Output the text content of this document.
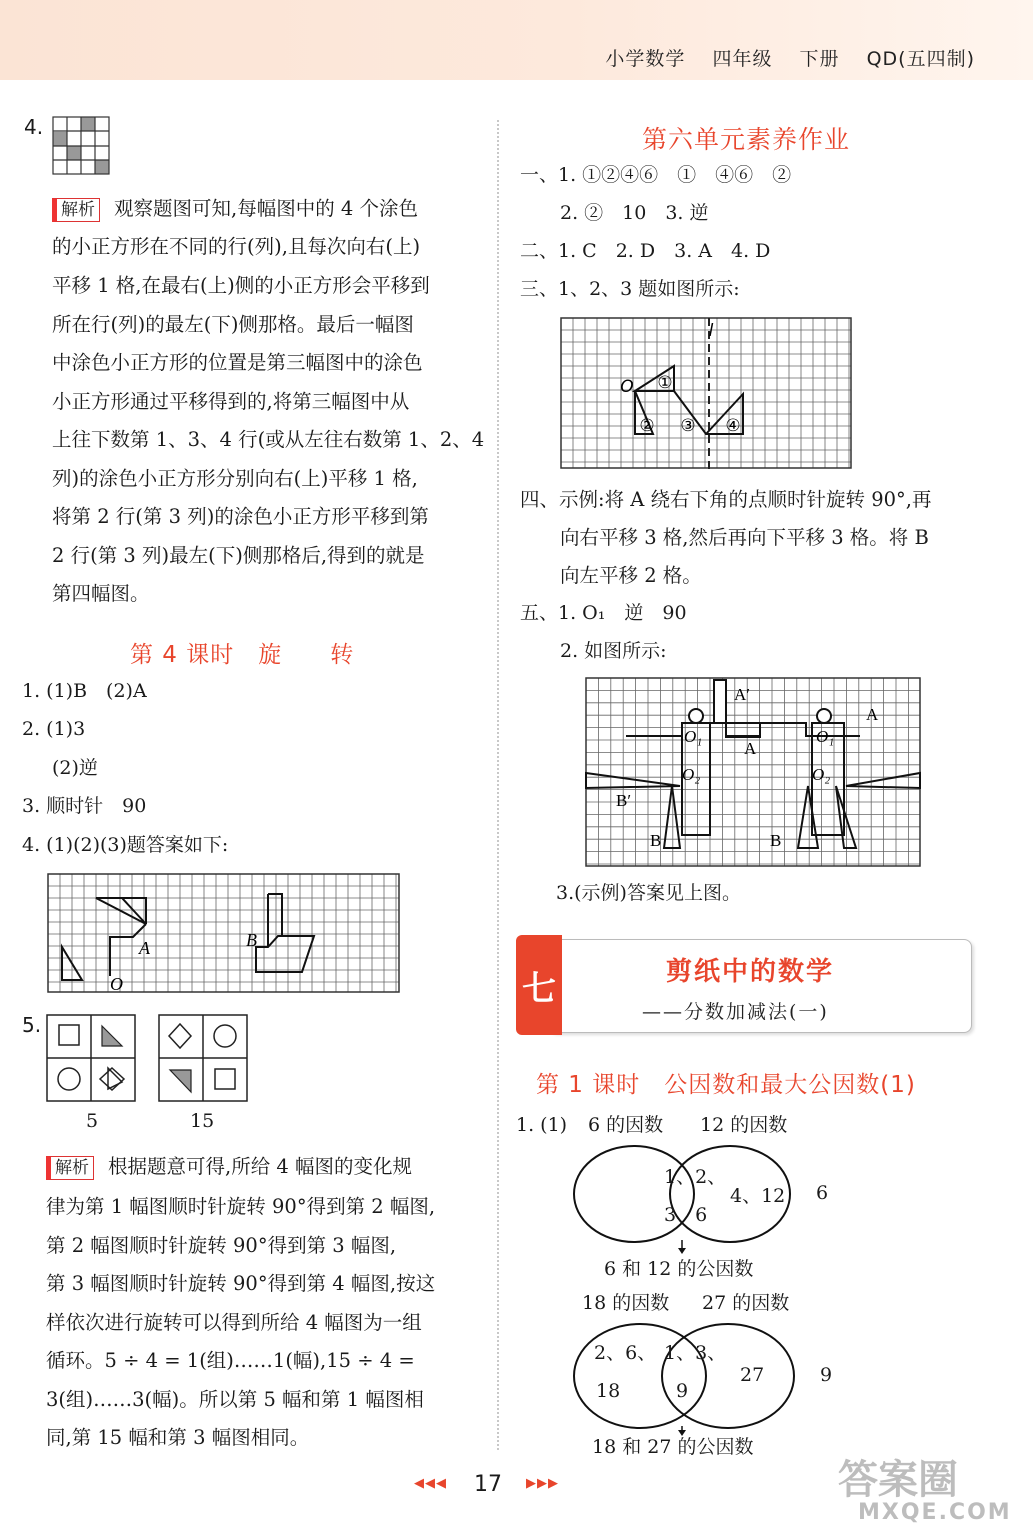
小学数学 四年级 下册 QD(五四制)
4.
解析 观察题图可知,每幅图中的 4 个涂色
的小正方形在不同的行(列),且每次向右(上)
平移 1 格,在最右(上)侧的小正方形会平移到
所在行(列)的最左(下)侧那格。最后一幅图
中涂色小正方形的位置是第三幅图中的涂色
小正方形通过平移得到的,将第三幅图中从
上往下数第 1、3、4 行(或从左往右数第 1、2、4
列)的涂色小正方形分别向右(上)平移 1 格,
将第 2 行(第 3 列)的涂色小正方形平移到第
2 行(第 3 列)最左(下)侧那格后,得到的就是
第四幅图。
第 4 课时　旋　　转
1. (1)B　(2)A
2. (1)3
(2)逆
3. 顺时针　90
4. (1)(2)(3)题答案如下:
A	B
O
5.
5	15
解析 根据题意可得,所给 4 幅图的变化规
律为第 1 幅图顺时针旋转 90°得到第 2 幅图,
第 2 幅图顺时针旋转 90°得到第 3 幅图,
第 3 幅图顺时针旋转 90°得到第 4 幅图,按这
样依次进行旋转可以得到所给 4 幅图为一组
循环。5 ÷ 4 = 1(组)……1(幅),15 ÷ 4 =
3(组)……3(幅)。所以第 5 幅和第 1 幅图相
同,第 15 幅和第 3 幅图相同。
第六单元素养作业
一、1. ①②④⑥　①　④⑥　②
2. ②　10　3. 逆
二、1. C　2. D　3. A　4. D
三、1、2、3 题如图所示:
l
O ①
② ③ ④
四、示例:将 A 绕右下角的点顺时针旋转 90°,再
向右平移 3 格,然后再向下平移 3 格。将 B
向左平移 2 格。
五、1. O₁　逆　90
2. 如图所示:
A′
A
A
B′
B	B
O₁
O₂
O₁
O₂
3.(示例)答案见上图。
七	剪纸中的数学
——分数加减法(一)
第 1 课时　公因数和最大公因数(1)
1. (1) 6 的因数 12 的因数
1、2、
3、6
4、12 6
6 和 12 的公因数
18 的因数 27 的因数
2、6、
18
1、3、
9
27	9
18 和 27 的公因数
◀◀◀ 17 ▶▶▶	答案圈
MXQE.COM
